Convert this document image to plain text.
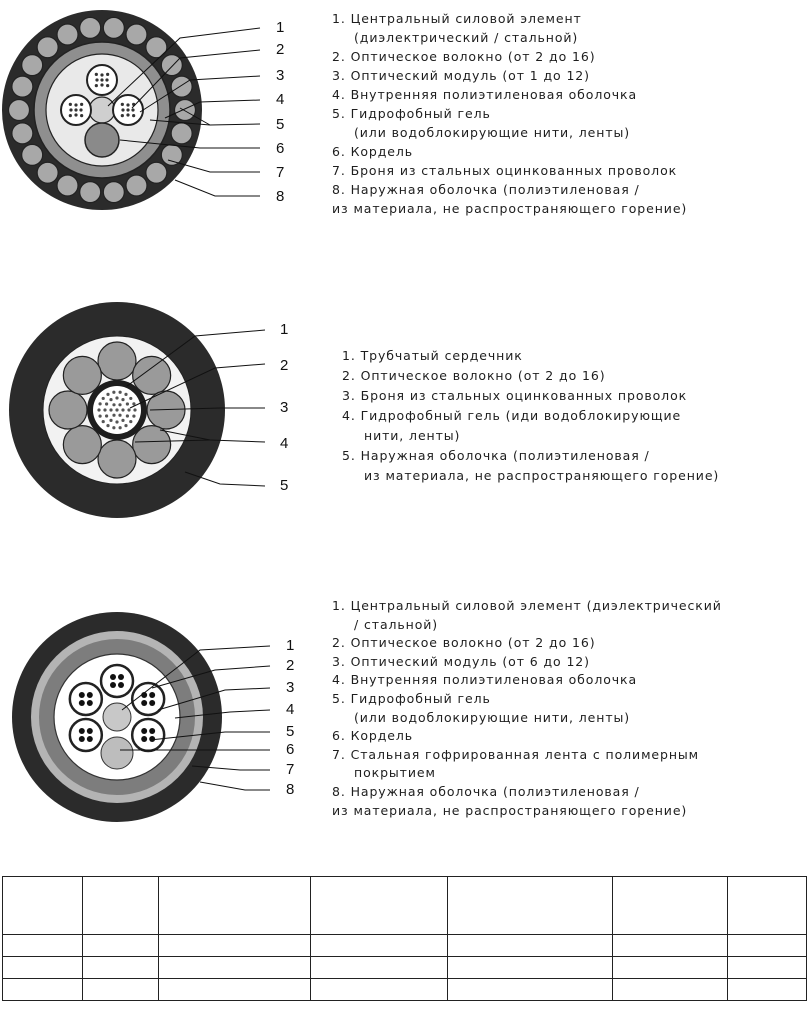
1
2
3
4
5
6
7
8
1. Центральный силовой элемент
(диэлектрический / стальной)
2. Оптическое волокно (от 2 до 16)
3. Оптический модуль (от 1 до 12)
4. Внутренняя полиэтиленовая оболочка
5. Гидрофобный гель
(или водоблокирующие нити, ленты)
6. Кордель
7. Броня из стальных оцинкованных проволок
8. Наружная оболочка (полиэтиленовая /
из материала, не распространяющего горение)
1
2
3
4
5
1. Трубчатый сердечник
2. Оптическое волокно (от 2 до 16)
3. Броня из стальных оцинкованных проволок
4. Гидрофобный гель (иди водоблокирующие
нити, ленты)
5. Наружная оболочка (полиэтиленовая /
из материала, не распространяющего горение)
1
2
3
4
5
6
7
8
1. Центральный силовой элемент (диэлектрический
/ стальной)
2. Оптическое волокно (от 2 до 16)
3. Оптический модуль (от 6 до 12)
4. Внутренняя полиэтиленовая оболочка
5. Гидрофобный гель
(или водоблокирующие нити, ленты)
6. Кордель
7. Стальная гофрированная лента с полимерным
покрытием
8. Наружная оболочка (полиэтиленовая /
из материала, не распространяющего горение)
